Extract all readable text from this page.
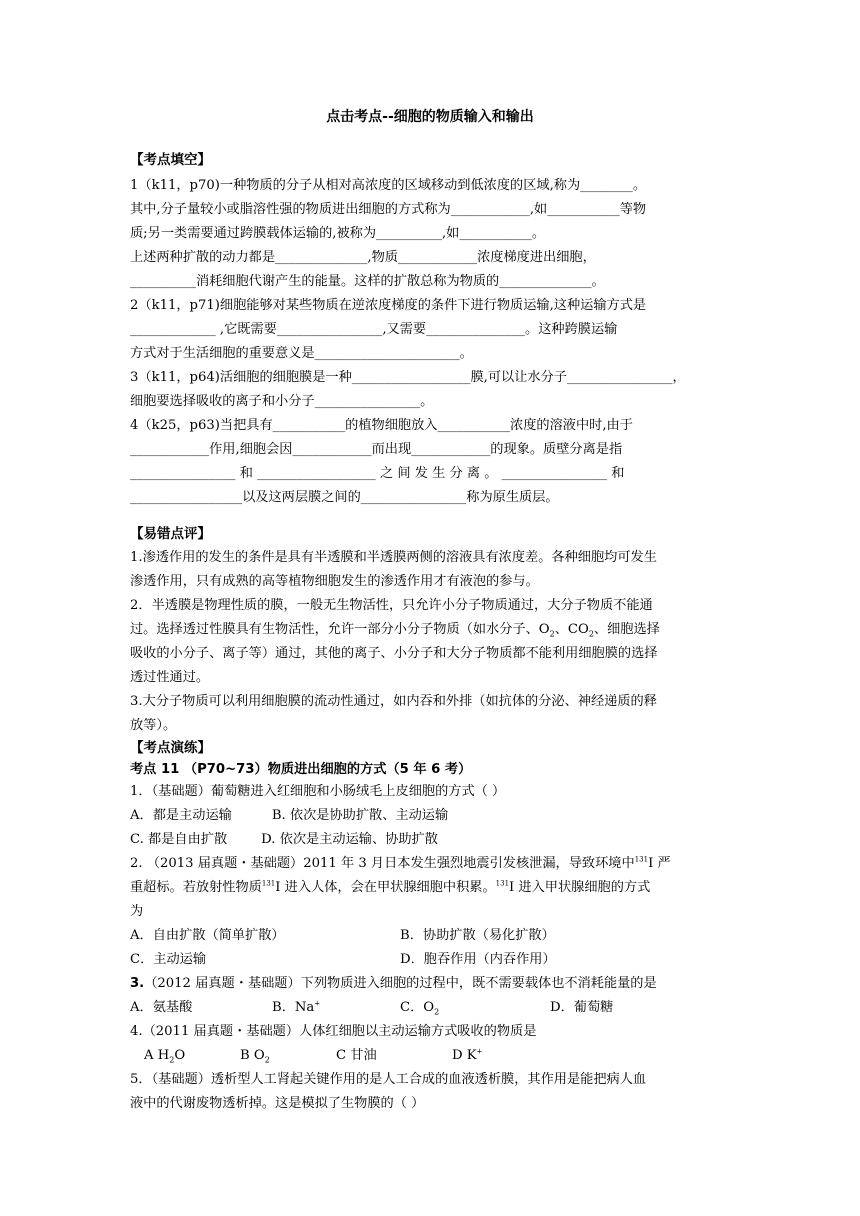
点击考点--细胞的物质输入和输出
【考点填空】
1（k11，p70)一种物质的分子从相对高浓度的区域移动到低浓度的区域,称为________。
其中,分子量较小或脂溶性强的物质进出细胞的方式称为____________,如___________等物
质;另一类需要通过跨膜载体运输的,被称为__________,如___________。
上述两种扩散的动力都是______________,物质____________浓度梯度进出细胞，
__________消耗细胞代谢产生的能量。这样的扩散总称为物质的______________。
2（k11，p71)细胞能够对某些物质在逆浓度梯度的条件下进行物质运输,这种运输方式是
_____________ ,它既需要________________,又需要_______________。这种跨膜运输
方式对于生活细胞的重要意义是______________________。
3（k11，p64)活细胞的细胞膜是一种__________________膜,可以让水分子________________，
细胞要选择吸收的离子和小分子________________。
4（k25，p63)当把具有___________的植物细胞放入___________浓度的溶液中时,由于
____________作用,细胞会因____________而出现____________的现象。质壁分离是指
________________ 和 __________________ 之 间 发 生 分 离 。 ________________ 和
_________________以及这两层膜之间的________________称为原生质层。
【易错点评】
1.渗透作用的发生的条件是具有半透膜和半透膜两侧的溶液具有浓度差。各种细胞均可发生
渗透作用，只有成熟的高等植物细胞发生的渗透作用才有液泡的参与。
2．半透膜是物理性质的膜，一般无生物活性，只允许小分子物质通过，大分子物质不能通
过。选择透过性膜具有生物活性，允许一部分小分子物质（如水分子、$O_2$、$CO_2$、细胞选择
吸收的小分子、离子等）通过，其他的离子、小分子和大分子物质都不能利用细胞膜的选择
透过性通过。
3.大分子物质可以利用细胞膜的流动性通过，如内吞和外排（如抗体的分泌、神经递质的释
放等）。
【考点演练】
考点 11 （P70~73）物质进出细胞的方式（5 年 6 考）
1．（基础题）葡萄糖进入红细胞和小肠绒毛上皮细胞的方式（ ）
A．都是主动运输	B. 依次是协助扩散、主动运输
C. 都是自由扩散	D. 依次是主动运输、协助扩散
2. （2013 届真题・基础题）2011 年 3 月日本发生强烈地震引发核泄漏，导致环境中$^{131}$I 严
重超标。若放射性物质$^{131}$I 进入人体，会在甲状腺细胞中积累。$^{131}$I 进入甲状腺细胞的方式
为
A．自由扩散（简单扩散）	B．协助扩散（易化扩散）
C．主动运输	D．胞吞作用（内吞作用）
3.（2012 届真题・基础题）下列物质进入细胞的过程中，既不需要载体也不消耗能量的是
A．氨基酸	B．Na+	C．$O_2$	D．葡萄糖
4.（2011 届真题・基础题）人体红细胞以主动运输方式吸收的物质是
A $H_2O$	B $O_2$	C 甘油	D K+
5．（基础题）透析型人工肾起关键作用的是人工合成的血液透析膜，其作用是能把病人血
液中的代谢废物透析掉。这是模拟了生物膜的（ ）
